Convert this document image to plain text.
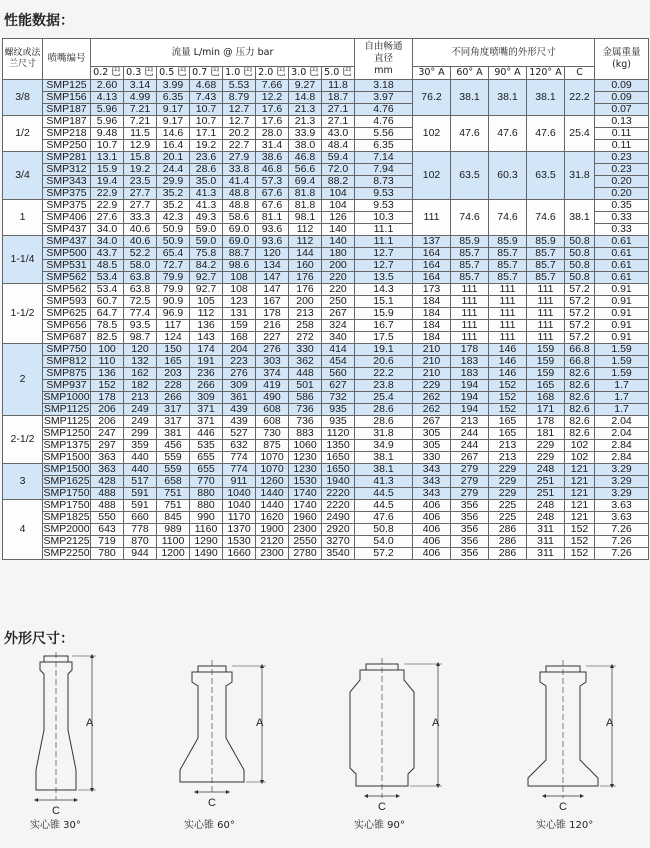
性能数据：
螺纹或法兰尺寸	喷嘴编号	流量 L/min @ 压力 bar								自由畅通直径
mm	不同角度喷嘴的外形尺寸					金属重量
(kg)
		0.2 巴	0.3 巴	0.5 巴	0.7 巴	1.0 巴	2.0 巴	3.0 巴	5.0 巴		30° A	60° A	90° A	120° A	C	
3/8	SMP125	2.60	3.14	3.99	4.68	5.53	7.66	9.27	11.8	3.18	76.2	38.1	38.1	38.1	22.2	0.09
	SMP156	4.13	4.99	6.35	7.43	8.79	12.2	14.8	18.7	3.97						0.09
	SMP187	5.96	7.21	9.17	10.7	12.7	17.6	21.3	27.1	4.76						0.07
1/2	SMP187	5.96	7.21	9.17	10.7	12.7	17.6	21.3	27.1	4.76	102	47.6	47.6	47.6	25.4	0.13
	SMP218	9.48	11.5	14.6	17.1	20.2	28.0	33.9	43.0	5.56						0.11
	SMP250	10.7	12.9	16.4	19.2	22.7	31.4	38.0	48.4	6.35						0.11
3/4	SMP281	13.1	15.8	20.1	23.6	27.9	38.6	46.8	59.4	7.14	102	63.5	60.3	63.5	31.8	0.23
	SMP312	15.9	19.2	24.4	28.6	33.8	46.8	56.6	72.0	7.94						0.23
	SMP343	19.4	23.5	29.9	35.0	41.4	57.3	69.4	88.2	8.73						0.20
	SMP375	22.9	27.7	35.2	41.3	48.8	67.6	81.8	104	9.53						0.20
1	SMP375	22.9	27.7	35.2	41.3	48.8	67.6	81.8	104	9.53	111	74.6	74.6	74.6	38.1	0.35
	SMP406	27.6	33.3	42.3	49.3	58.6	81.1	98.1	126	10.3						0.33
	SMP437	34.0	40.6	50.9	59.0	69.0	93.6	112	140	11.1						0.33
1-1/4	SMP437	34.0	40.6	50.9	59.0	69.0	93.6	112	140	11.1	137	85.9	85.9	85.9	50.8	0.61
	SMP500	43.7	52.2	65.4	75.8	88.7	120	144	180	12.7	164	85.7	85.7	85.7	50.8	0.61
	SMP531	48.5	58.0	72.7	84.2	98.6	134	160	200	12.7	164	85.7	85.7	85.7	50.8	0.61
	SMP562	53.4	63.8	79.9	92.7	108	147	176	220	13.5	164	85.7	85.7	85.7	50.8	0.61
1-1/2	SMP562	53.4	63.8	79.9	92.7	108	147	176	220	14.3	173	111	111	111	57.2	0.91
	SMP593	60.7	72.5	90.9	105	123	167	200	250	15.1	184	111	111	111	57.2	0.91
	SMP625	64.7	77.4	96.9	112	131	178	213	267	15.9	184	111	111	111	57.2	0.91
	SMP656	78.5	93.5	117	136	159	216	258	324	16.7	184	111	111	111	57.2	0.91
	SMP687	82.5	98.7	124	143	168	227	272	340	17.5	184	111	111	111	57.2	0.91
2	SMP750	100	120	150	174	204	276	330	414	19.1	210	178	146	159	66.8	1.59
	SMP812	110	132	165	191	223	303	362	454	20.6	210	183	146	159	66.8	1.59
	SMP875	136	162	203	236	276	374	448	560	22.2	210	183	146	159	82.6	1.59
	SMP937	152	182	228	266	309	419	501	627	23.8	229	194	152	165	82.6	1.7
	SMP1000	178	213	266	309	361	490	586	732	25.4	262	194	152	168	82.6	1.7
	SMP1125	206	249	317	371	439	608	736	935	28.6	262	194	152	171	82.6	1.7
2-1/2	SMP1125	206	249	317	371	439	608	736	935	28.6	267	213	165	178	82.6	2.04
	SMP1250	247	299	381	446	527	730	883	1120	31.8	305	244	165	181	82.6	2.04
	SMP1375	297	359	456	535	632	875	1060	1350	34.9	305	244	213	229	102	2.84
	SMP1500	363	440	559	655	774	1070	1230	1650	38.1	330	267	213	229	102	2.84
3	SMP1500	363	440	559	655	774	1070	1230	1650	38.1	343	279	229	248	121	3.29
	SMP1625	428	517	658	770	911	1260	1530	1940	41.3	343	279	229	251	121	3.29
	SMP1750	488	591	751	880	1040	1440	1740	2220	44.5	343	279	229	251	121	3.29
4	SMP1750	488	591	751	880	1040	1440	1740	2220	44.5	406	356	225	248	121	3.63
	SMP1825	550	660	845	990	1170	1620	1960	2490	47.6	406	356	225	248	121	3.63
	SMP2000	643	778	989	1160	1370	1900	2300	2920	50.8	406	356	286	311	152	7.26
	SMP2125	719	870	1100	1290	1530	2120	2550	3270	54.0	406	356	286	311	152	7.26
	SMP2250	780	944	1200	1490	1660	2300	2780	3540	57.2	406	356	286	311	152	7.26
外形尺寸：
A
C
A
C
A
C
A
C
实心锥 30°	实心锥 60°	实心锥 90°	实心锥 120°
